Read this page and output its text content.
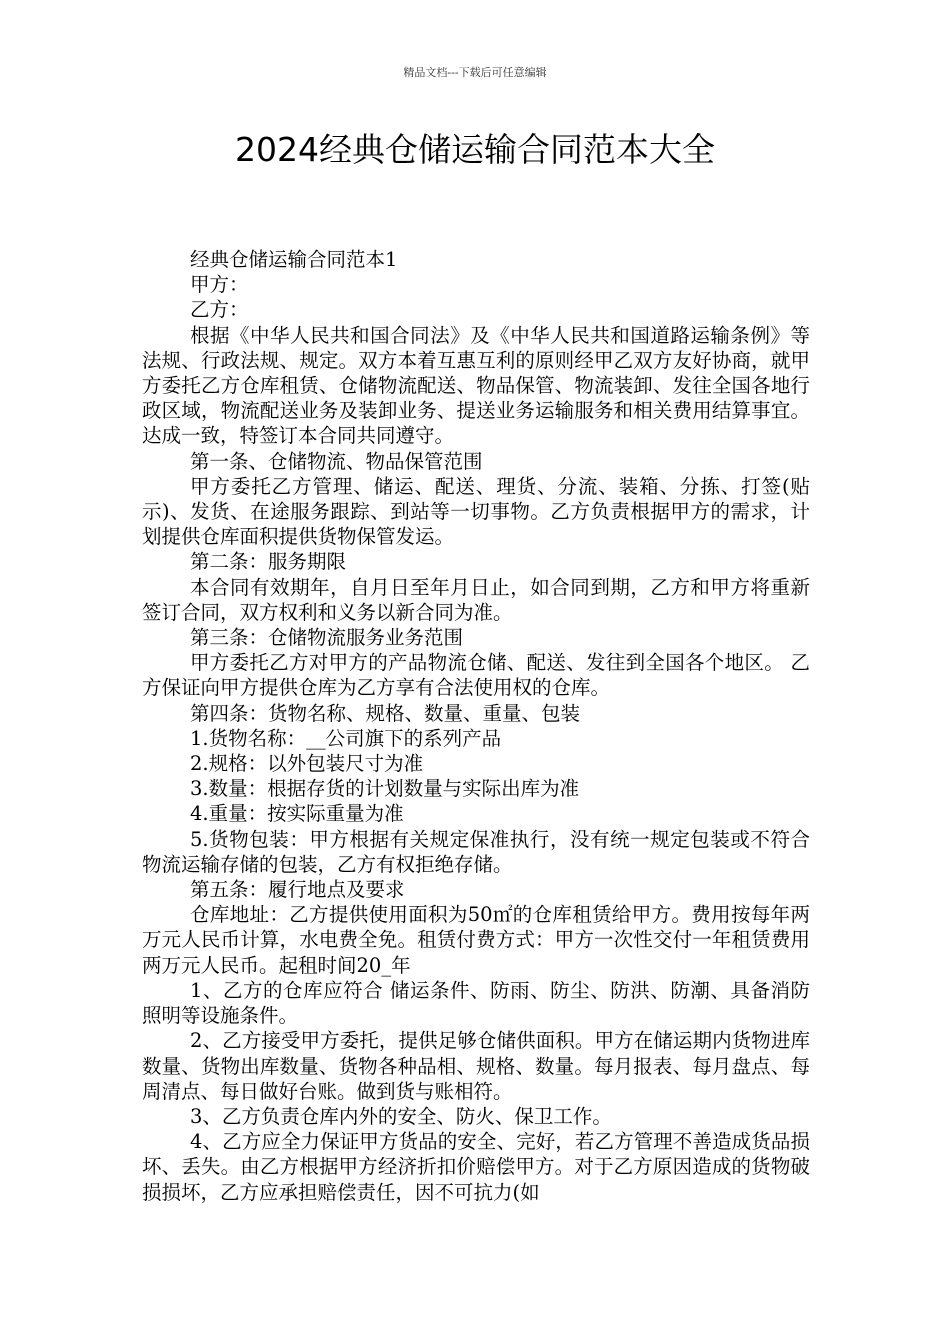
精品文档---下载后可任意编辑
2024经典仓储运输合同范本大全

经典仓储运输合同范本1

甲方：

乙方：

根据《中华人民共和国合同法》及《中华人民共和国道路运输条例》等法规、行政法规、规定。双方本着互惠互利的原则经甲乙双方友好协商，就甲方委托乙方仓库租赁、仓储物流配送、物品保管、物流装卸、发往全国各地行政区域，物流配送业务及装卸业务、提送业务运输服务和相关费用结算事宜。达成一致，特签订本合同共同遵守。

第一条、仓储物流、物品保管范围

甲方委托乙方管理、储运、配送、理货、分流、装箱、分拣、打签(贴示)、发货、在途服务跟踪、到站等一切事物。乙方负责根据甲方的需求，计划提供仓库面积提供货物保管发运。

第二条：服务期限

本合同有效期年，自月日至年月日止，如合同到期，乙方和甲方将重新签订合同，双方权利和义务以新合同为准。

第三条：仓储物流服务业务范围

甲方委托乙方对甲方的产品物流仓储、配送、发往到全国各个地区。 乙方保证向甲方提供仓库为乙方享有合法使用权的仓库。

第四条：货物名称、规格、数量、重量、包装

1.货物名称：__公司旗下的系列产品

2.规格：以外包装尺寸为准

3.数量：根据存货的计划数量与实际出库为准

4.重量：按实际重量为准

5.货物包装：甲方根据有关规定保准执行，没有统一规定包装或不符合物流运输存储的包装，乙方有权拒绝存储。

第五条：履行地点及要求

仓库地址：乙方提供使用面积为50㎡的仓库租赁给甲方。费用按每年两万元人民币计算，水电费全免。租赁付费方式：甲方一次性交付一年租赁费用两万元人民币。起租时间20_年

1、乙方的仓库应符合 储运条件、防雨、防尘、防洪、防潮、具备消防照明等设施条件。

2、乙方接受甲方委托，提供足够仓储供面积。甲方在储运期内货物进库数量、货物出库数量、货物各种品相、规格、数量。每月报表、每月盘点、每周清点、每日做好台账。做到货与账相符。

3、乙方负责仓库内外的安全、防火、保卫工作。

4、乙方应全力保证甲方货品的安全、完好，若乙方管理不善造成货品损坏、丢失。由乙方根据甲方经济折扣价赔偿甲方。对于乙方原因造成的货物破损损坏，乙方应承担赔偿责任，因不可抗力(如
